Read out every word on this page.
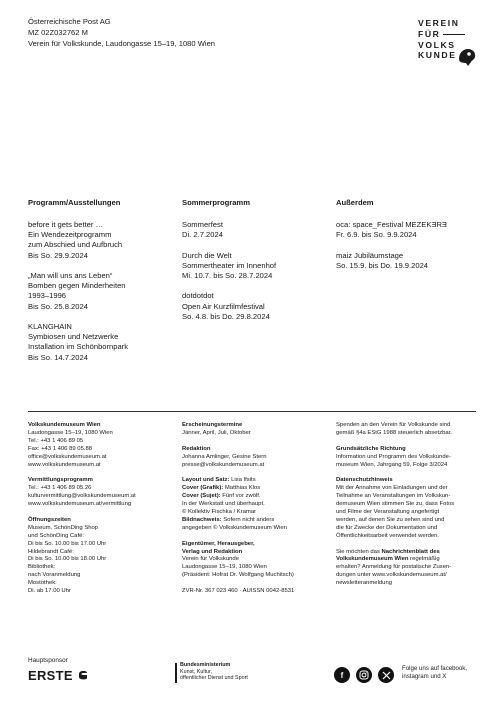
Österreichische Post AG
MZ 02Z032762 M
Verein für Volkskunde, Laudongasse 15–19, 1080 Wien
VEREIN
FÜR
VOLKS
KUNDE
Programm/Ausstellungen	Sommerprogramm	Außerdem
before it gets better …
Ein Wendezeitprogramm
zum Abschied und Aufbruch
Bis So. 29.9.2024

„Man will uns ans Leben“
Bomben gegen Minderheiten
1993–1996
Bis So. 25.8.2024

KLANGHAIN
Symbiosen und Netzwerke
Installation im Schönbornpark
Bis So. 14.7.2024
Sommerfest
Di. 2.7.2024

Durch die Welt
Sommertheater im Innenhof
Mi. 10.7. bis So. 28.7.2024

dotdotdot
Open Air Kurzfilmfestival
So. 4.8. bis Do. 29.8.2024
oca: space_Festival MEZEKƎRƎ
Fr. 6.9. bis So. 9.9.2024

maiz Jubiläumstage
So. 15.9. bis Do. 19.9.2024
Volkskundemuseum Wien
Laudongasse 15–19, 1080 Wien
Tel.: +43 1 406 89 05
Fax: +43 1 406 89 05.88
office@volkskundemuseum.at
www.volkskundemuseum.at

Vermittlungsprogramm
Tel.: +43 1 406 89 05.26
kulturvermittlung@volkskundemuseum.at
www.volkskundemuseum.at/vermittlung

Öffnungszeiten
Museum, SchönDing Shop
und SchönDing Café:
Di bis So. 10.00 bis 17.00 Uhr
Hildebrandt Café:
Di bis So. 10.00 bis 18.00 Uhr
Bibliothek:
nach Voranmeldung
Mostothek:
Di. ab 17.00 Uhr
Erscheinungstermine
Jänner, April, Juli, Oktober

Redaktion
Johanna Amlinger, Gesine Stern
presse@volkskundemuseum.at

Layout und Satz: Lisa Ifsits
Cover (Grafik): Matthias Klos
Cover (Sujet): Fünf vor zwölf.
In der Werkstatt und überhaupt.
© Kollektiv Fischka / Kramar
Bildnachweis: Sofern nicht anders
angegeben © Volkskundemuseum Wien

Eigentümer, Herausgeber,
Verlag und Redaktion
Verein für Volkskunde
Laudongasse 15–19, 1080 Wien
(Präsident: Hofrat Dr. Wolfgang Muchitsch)

ZVR-Nr. 367 023 460 · AUISSN 0042-8531
Spenden an den Verein für Volkskunde sind
gemäß §4a EStG 1988 steuerlich absetzbar.

Grundsätzliche Richtung
Information und Programm des Volkskunde-
museum Wien, Jahrgang 59, Folge 3/2024

Datenschutzhinweis
Mit der Annahme von Einladungen und der
Teilnahme an Veranstaltungen im Volkskun-
demuseum Wien stimmen Sie zu, dass Fotos
und Filme der Veranstaltung angefertigt
werden, auf denen Sie zu sehen sind und
die für Zwecke der Dokumentation und
Öffentlichkeitsarbeit verwendet werden.

Sie möchten das Nachrichtenblatt des
Volkskundemuseum Wien regelmäßig
erhalten? Anmeldung für postalische Zusen-
dungen unter www.volkskundemuseum.at/
newsletteranmeldung
Hauptsponsor
ERSTE
Bundesministerium
Kunst, Kultur,
öffentlicher Dienst und Sport	f
Folge uns auf facebook,
instagram und X
